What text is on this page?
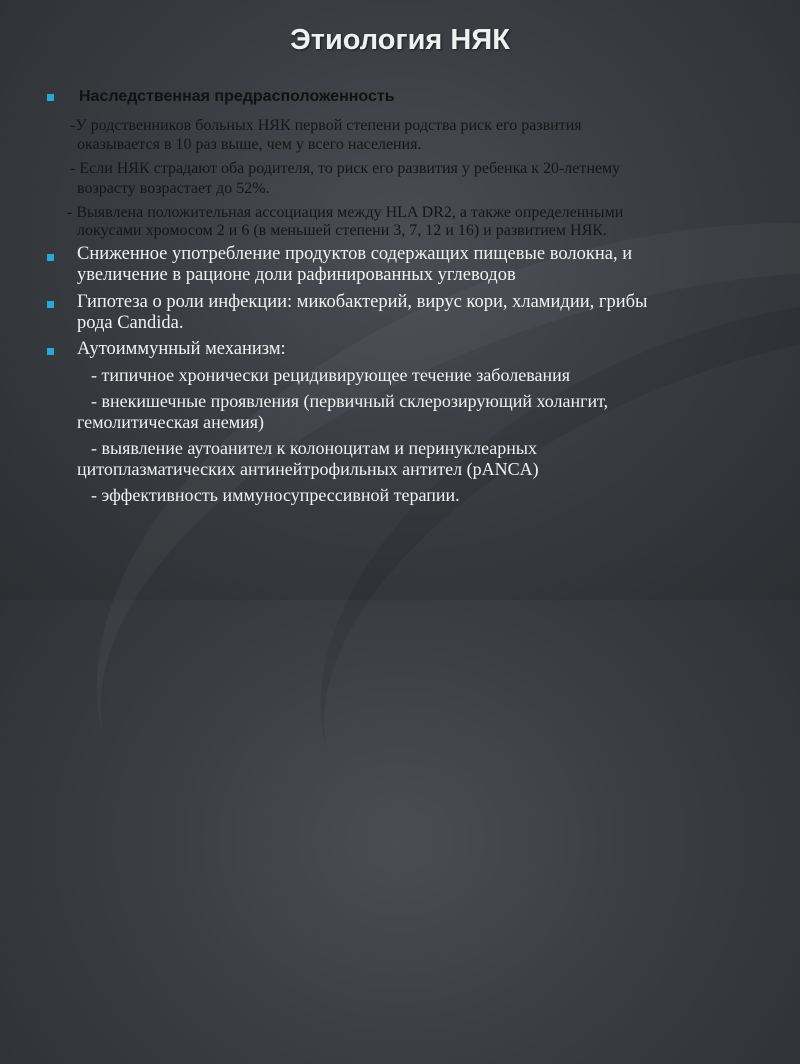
Этиология НЯК
Наследственная предрасположенность
-У родственников больных НЯК первой степени родства риск его развития
оказывается в 10 раз выше, чем у всего населения.
- Если НЯК страдают оба родителя, то риск его развития у ребенка к 20-летнему
возрасту возрастает до 52%.
- Выявлена положительная ассоциация между HLA DR2, а также определенными
локусами хромосом 2 и 6 (в меньшей степени 3, 7, 12 и 16) и развитием НЯК.
Сниженное употребление продуктов содержащих пищевые волокна, и
увеличение в рационе доли рафинированных углеводов
Гипотеза о роли инфекции: микобактерий, вирус кори, хламидии, грибы
рода Candida.
Аутоиммунный механизм:
- типичное хронически рецидивирующее течение заболевания
- внекишечные проявления (первичный склерозирующий холангит,
гемолитическая анемия)
- выявление аутоанител к колоноцитам и перинуклеарных
цитоплазматических антинейтрофильных антител (pANCA)
- эффективность иммуносупрессивной терапии.
